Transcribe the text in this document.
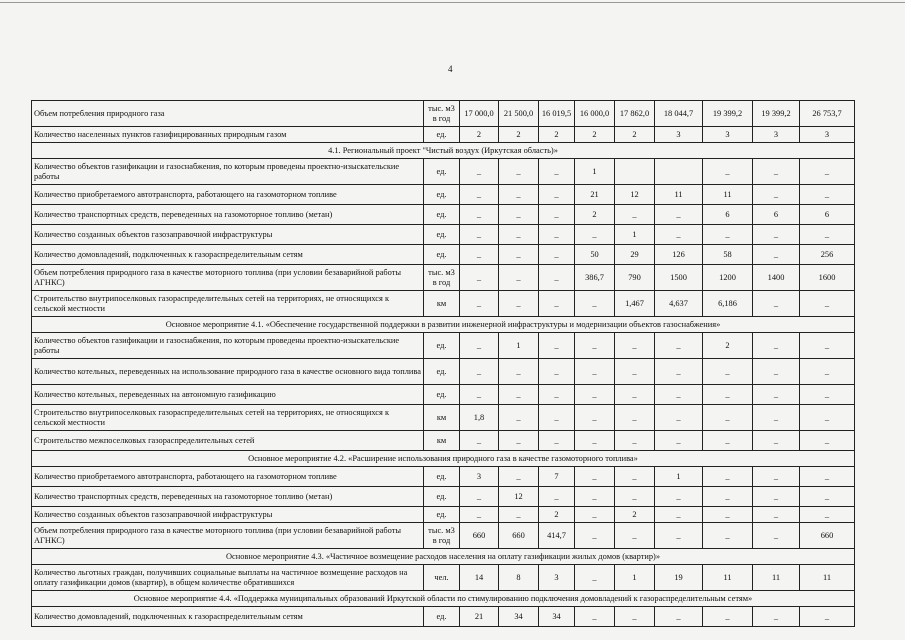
4
Объем потребления природного газа	тыс. м3 в год	17 000,0	21 500,0	16 019,5	16 000,0	17 862,0	18 044,7	19 399,2	19 399,2	26 753,7
Количество населенных пунктов газифицированных природным газом	ед.	2	2	2	2	2	3	3	3	3
4.1. Региональный проект "Чистый воздух (Иркутская область)»										
Количество объектов газификации и газоснабжения, по которым проведены проектно-изыскательские работы	ед.	_	_	_	1			_	_	_
Количество приобретаемого автотранспорта, работающего на газомоторном топливе	ед.	_	_	_	21	12	11	11	_	_
Количество транспортных средств, переведенных на газомоторное топливо (метан)	ед.	_	_	_	2	_	_	6	6	6
Количество созданных объектов газозаправочной инфраструктуры	ед.	_	_	_	_	1	_	_	_	_
Количество домовладений, подключенных к газораспределительным сетям	ед.	_	_	_	50	29	126	58	_	256
Объем потребления природного газа в качестве моторного топлива (при условии безаварийной работы АГНКС)	тыс. м3 в год	_	_	_	386,7	790	1500	1200	1400	1600
Строительство внутрипоселковых газораспределительных сетей на территориях, не относящихся к сельской местности	км	_	_	_	_	1,467	4,637	6,186	_	_
Основное мероприятие 4.1. «Обеспечение государственной поддержки в развитии инженерной инфраструктуры и модернизации объектов газоснабжения»										
Количество объектов газификации и газоснабжения, по которым проведены проектно-изыскательские работы	ед.	_	1	_	_	_	_	2	_	_
Количество котельных, переведенных на использование природного газа в качестве основного вида топлива	ед.	_	_	_	_	_	_	_	_	_
Количество котельных, переведенных на автономную газификацию	ед.	_	_	_	_	_	_	_	_	_
Строительство внутрипоселковых газораспределительных сетей на территориях, не относящихся к сельской местности	км	1,8	_	_	_	_	_	_	_	_
Строительство межпоселковых газораспределительных сетей	км	_	_	_	_	_	_	_	_	_
Основное мероприятие 4.2. «Расширение использования природного газа в качестве газомоторного топлива»										
Количество приобретаемого автотранспорта, работающего на газомоторном топливе	ед.	3	_	7	_	_	1	_	_	_
Количество транспортных средств, переведенных на газомоторное топливо (метан)	ед.	_	12	_	_	_	_	_	_	_
Количество созданных объектов газозаправочной инфраструктуры	ед.	_	_	2	_	2	_	_	_	_
Объем потребления природного газа в качестве моторного топлива (при условии безаварийной работы АГНКС)	тыс. м3 в год	660	660	414,7	_	_	_	_	_	660
Основное мероприятие 4.3. «Частичное возмещение расходов населения на оплату газификации жилых домов (квартир)»										
Количество льготных граждан, получивших социальные выплаты на частичное возмещение расходов на оплату газификации домов (квартир), в общем количестве обратившихся	чел.	14	8	3	_	1	19	11	11	11
Основное мероприятие 4.4. «Поддержка муниципальных образований Иркутской области по стимулированию подключения домовладений к газораспределительным сетям»										
Количество домовладений, подключенных к газораспределительным сетям	ед.	21	34	34	_	_	_	_	_	_
